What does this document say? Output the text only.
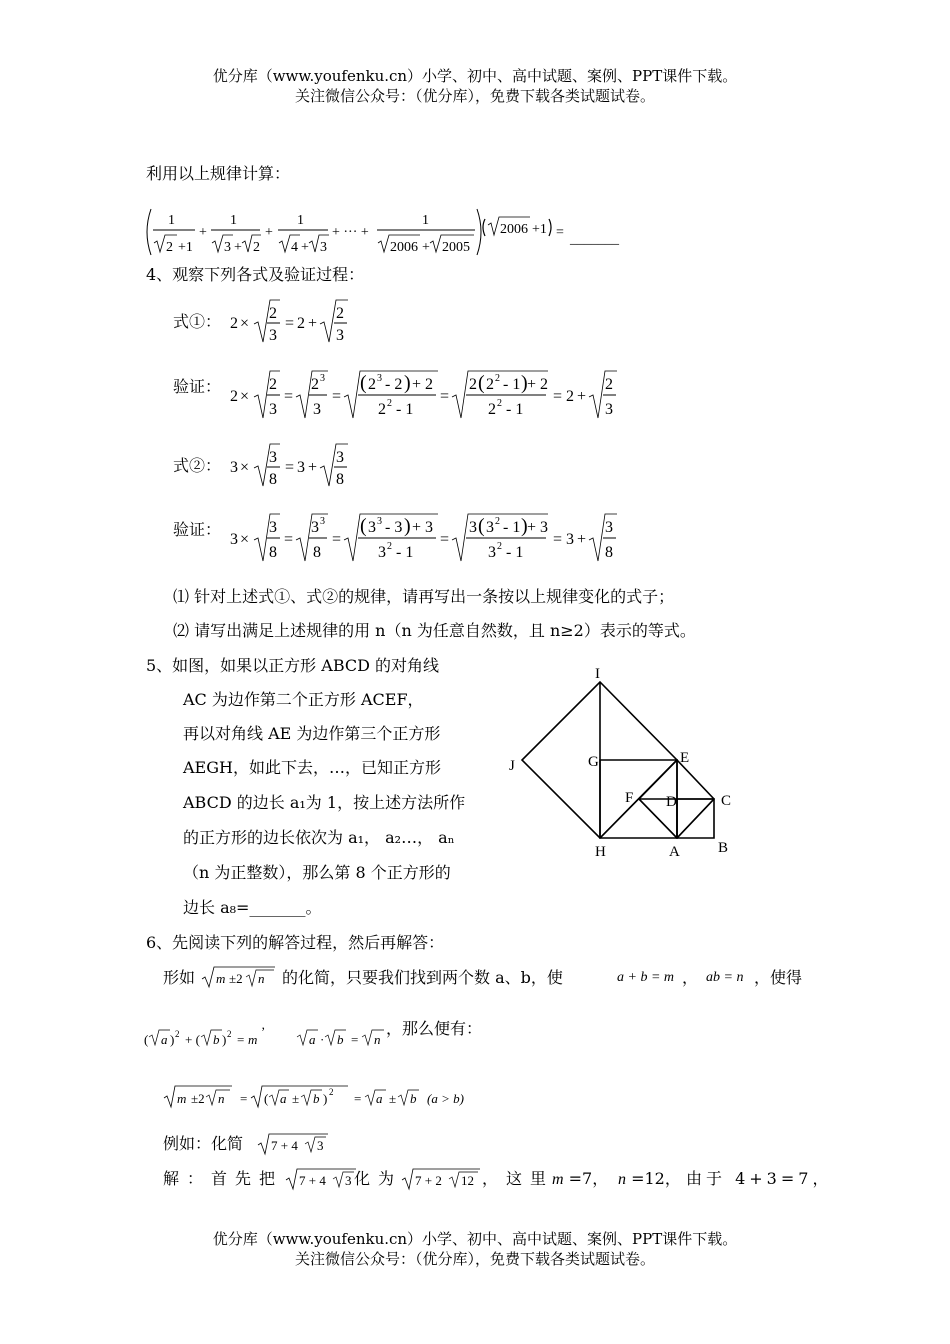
优分库（www.youfenku.cn）小学、初中、高中试题、案例、PPT课件下载。
关注微信公众号：（优分库），免费下载各类试题试卷。
利用以上规律计算：
1
2 +1
+
1
3 + 2
+
1
4 + 3
+ ··· +
1
2006 + 2005
2006 +1 = _______
4、观察下列各式及验证过程：
式①： 2 ×
2
3
= 2 +
2
3
验证：
2 ×
2
3
=
2 3
3
=
( 2 3 - 2 ) + 2
2 2 - 1
=
2 ( 2 2 - 1 ) + 2
2 2 - 1
= 2 +
2
3
式②： 3 ×
3
8
= 3 +
3
8
验证：
3 ×
3
8
=
3 3
8
=
( 3 3 - 3 ) + 3
3 2 - 1
=
3 ( 3 2 - 1 ) + 3
3 2 - 1
= 3 +
3
8
⑴ 针对上述式①、式②的规律，请再写出一条按以上规律变化的式子；
⑵ 请写出满足上述规律的用 n（n 为任意自然数，且 n≥2）表示的等式。
5、如图，如果以正方形 ABCD 的对角线
AC 为边作第二个正方形 ACEF，
再以对角线 AE 为边作第三个正方形
AEGH，如此下去，…，已知正方形
ABCD 的边长 a₁为 1，按上述方法所作
的正方形的边长依次为 a₁， a₂…， aₙ
（n 为正整数），那么第 8 个正方形的
边长 a₈=_______。
I
J	G	E
F D	C
H	A	B
6、先阅读下列的解答过程，然后再解答：
形如 m ±2 n 的化简，只要我们找到两个数 a、b，使	a + b = m ， ab = n ，使得
( a ) 2 + ( b ) 2 = m
’
a · b = n
，那么便有：
m ±2 n = ( a ± b ) 2 = a ± b (a > b)
例如：化简 7 + 4 3
解：首先把 7 + 4 3 化为 7 + 2 12 ，这里
m =7， n =12， 由于 4+3=7，
优分库（www.youfenku.cn）小学、初中、高中试题、案例、PPT课件下载。
关注微信公众号：（优分库），免费下载各类试题试卷。
